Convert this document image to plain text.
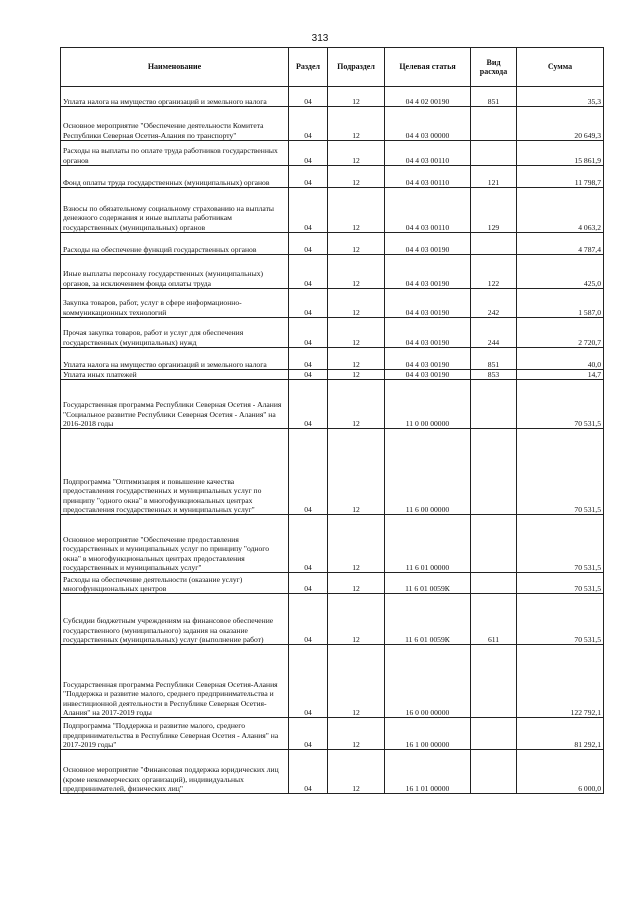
313
Наименование	Раздел	Подраздел	Целевая статья	Вид расхода	Сумма
Уплата налога на имущество организаций и земельного налога	04	12	04 4 02 00190	851	35,3
Основное мероприятие "Обеспечение деятельности Комитета Республики Северная Осетия-Алания по транспорту"	04	12	04 4 03 00000		20 649,3
Расходы на выплаты по оплате труда работников государственных органов	04	12	04 4 03 00110		15 861,9
Фонд оплаты труда государственных (муниципальных) органов	04	12	04 4 03 00110	121	11 798,7
Взносы по обязательному социальному страхованию на выплаты денежного содержания и иные выплаты работникам государственных (муниципальных) органов	04	12	04 4 03 00110	129	4 063,2
Расходы на обеспечение функций государственных органов	04	12	04 4 03 00190		4 787,4
Иные выплаты персоналу государственных (муниципальных) органов, за исключением фонда оплаты труда	04	12	04 4 03 00190	122	425,0
Закупка товаров, работ, услуг в сфере информационно-коммуникационных технологий	04	12	04 4 03 00190	242	1 587,0
Прочая закупка товаров, работ и услуг для обеспечения государственных (муниципальных) нужд	04	12	04 4 03 00190	244	2 720,7
Уплата налога на имущество организаций и земельного налога	04	12	04 4 03 00190	851	40,0
Уплата иных платежей	04	12	04 4 03 00190	853	14,7
Государственная программа Республики Северная Осетия - Алания "Социальное развитие Республики Северная Осетия - Алания" на 2016-2018 годы	04	12	11 0 00 00000		70 531,5
Подпрограмма "Оптимизация и повышение качества предоставления государственных и муниципальных услуг по принципу "одного окна" в многофункциональных центрах предоставления государственных и муниципальных услуг"	04	12	11 6 00 00000		70 531,5
Основное мероприятие "Обеспечение предоставления государственных и муниципальных услуг по принципу "одного окна" в многофункциональных центрах предоставления государственных и муниципальных услуг"	04	12	11 6 01 00000		70 531,5
Расходы на обеспечение деятельности (оказание услуг) многофункциональных центров	04	12	11 6 01 0059К		70 531,5
Субсидии бюджетным учреждениям на финансовое обеспечение государственного (муниципального) задания на оказание государственных (муниципальных) услуг (выполнение работ)	04	12	11 6 01 0059К	611	70 531,5
Государственная программа Республики Северная Осетия-Алания "Поддержка и развитие малого, среднего предпринимательства и инвестиционной деятельности в Республике Северная Осетия-Алания" на 2017-2019 годы	04	12	16 0 00 00000		122 792,1
Подпрограмма "Поддержка и развитие малого, среднего предпринимательства в Республике Северная Осетия - Алания" на 2017-2019 годы"	04	12	16 1 00 00000		81 292,1
Основное мероприятие "Финансовая поддержка юридических лиц (кроме некоммерческих организаций), индивидуальных предпринимателей, физических лиц"	04	12	16 1 01 00000		6 000,0
